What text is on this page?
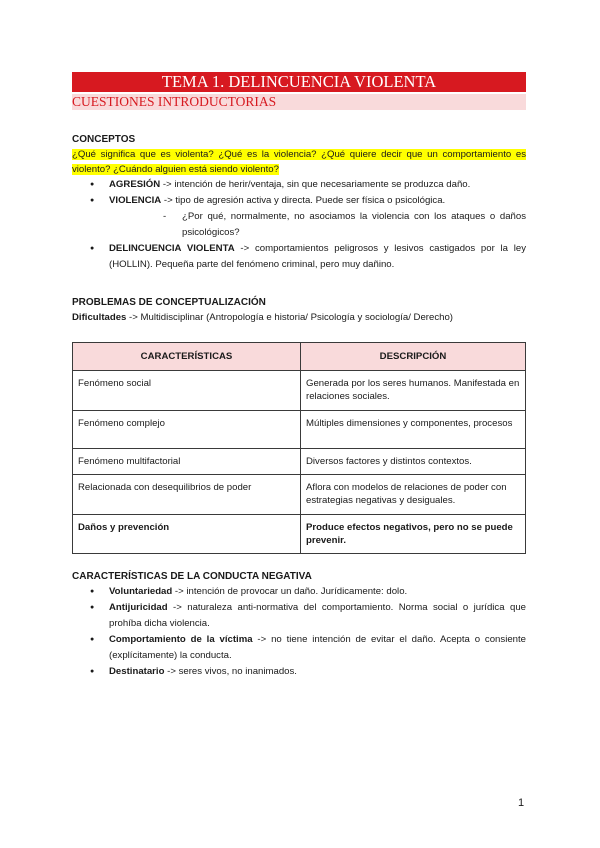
TEMA 1. DELINCUENCIA VIOLENTA
CUESTIONES INTRODUCTORIAS
CONCEPTOS
¿Qué significa que es violenta? ¿Qué es la violencia? ¿Qué quiere decir que un comportamiento es violento? ¿Cuándo alguien está siendo violento?
● AGRESIÓN -> intención de herir/ventaja, sin que necesariamente se produzca daño.
● VIOLENCIA -> tipo de agresión activa y directa. Puede ser física o psicológica.
- ¿Por qué, normalmente, no asociamos la violencia con los ataques o daños psicológicos?
● DELINCUENCIA VIOLENTA -> comportamientos peligrosos y lesivos castigados por la ley (HOLLIN). Pequeña parte del fenómeno criminal, pero muy dañino.
PROBLEMAS DE CONCEPTUALIZACIÓN
Dificultades -> Multidisciplinar (Antropología e historia/ Psicología y sociología/ Derecho)
CARACTERÍSTICAS	DESCRIPCIÓN
Fenómeno social	Generada por los seres humanos. Manifestada en relaciones sociales.
Fenómeno complejo	Múltiples dimensiones y componentes, procesos
Fenómeno multifactorial	Diversos factores y distintos contextos.
Relacionada con desequilibrios de poder	Aflora con modelos de relaciones de poder con estrategias negativas y desiguales.
Daños y prevención	Produce efectos negativos, pero no se puede prevenir.
CARACTERÍSTICAS DE LA CONDUCTA NEGATIVA
● Voluntariedad -> intención de provocar un daño. Jurídicamente: dolo.
● Antijuricidad -> naturaleza anti-normativa del comportamiento. Norma social o jurídica que prohíba dicha violencia.
● Comportamiento de la víctima -> no tiene intención de evitar el daño. Acepta o consiente (explícitamente) la conducta.
● Destinatario -> seres vivos, no inanimados.
1
